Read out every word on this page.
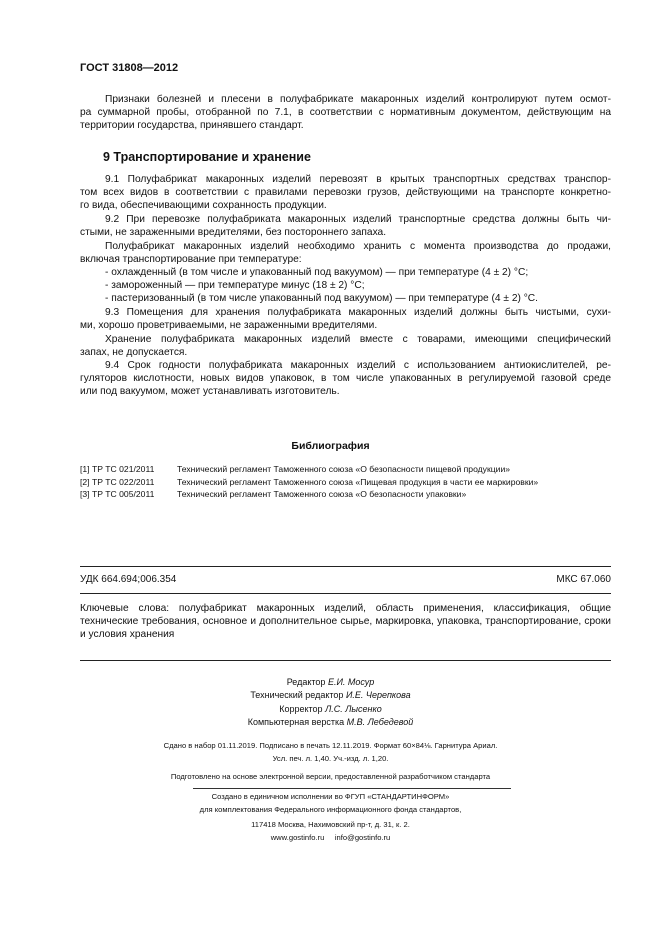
ГОСТ 31808—2012
Признаки болезней и плесени в полуфабрикате макаронных изделий контролируют путем осмот-
ра суммарной пробы, отобранной по 7.1, в соответствии с нормативным документом, действующим на
территории государства, принявшего стандарт.
9 Транспортирование и хранение
9.1 Полуфабрикат макаронных изделий перевозят в крытых транспортных средствах транспор-
том всех видов в соответствии с правилами перевозки грузов, действующими на транспорте конкретно-
го вида, обеспечивающими сохранность продукции.
9.2 При перевозке полуфабриката макаронных изделий транспортные средства должны быть чи-
стыми, не зараженными вредителями, без постороннего запаха.
Полуфабрикат макаронных изделий необходимо хранить с момента производства до продажи,
включая транспортирование при температуре:
- охлажденный (в том числе и упакованный под вакуумом) — при температуре (4 ± 2) °С;
- замороженный — при температуре минус (18 ± 2) °С;
- пастеризованный (в том числе упакованный под вакуумом) — при температуре (4 ± 2) °С.
9.3 Помещения для хранения полуфабриката макаронных изделий должны быть чистыми, сухи-
ми, хорошо проветриваемыми, не зараженными вредителями.
Хранение полуфабриката макаронных изделий вместе с товарами, имеющими специфический
запах, не допускается.
9.4 Срок годности полуфабриката макаронных изделий с использованием антиокислителей, ре-
гуляторов кислотности, новых видов упаковок, в том числе упакованных в регулируемой газовой среде
или под вакуумом, может устанавливать изготовитель.
Библиография
[1] ТР ТС 021/2011	Технический регламент Таможенного союза «О безопасности пищевой продукции»
[2] ТР ТС 022/2011	Технический регламент Таможенного союза «Пищевая продукция в части ее маркировки»
[3] ТР ТС 005/2011	Технический регламент Таможенного союза «О безопасности упаковки»
УДК 664.694;006.354	МКС 67.060

Ключевые слова: полуфабрикат макаронных изделий, область применения, классификация, общие технические требования, основное и дополнительное сырье, маркировка, упаковка, транспортирование, сроки и условия хранения

Редактор Е.И. Мосур
Технический редактор И.Е. Черепкова
Корректор Л.С. Лысенко
Компьютерная верстка М.В. Лебедевой
Сдано в набор 01.11.2019. Подписано в печать 12.11.2019. Формат 60×84⅛. Гарнитура Ариал.
Усл. печ. л. 1,40. Уч.-изд. л. 1,20.
Подготовлено на основе электронной версии, предоставленной разработчиком стандарта
Создано в единичном исполнении во ФГУП «СТАНДАРТИНФОРМ»
для комплектования Федерального информационного фонда стандартов,
117418 Москва, Нахимовский пр-т, д. 31, к. 2.
www.gostinfo.ru info@gostinfo.ru
